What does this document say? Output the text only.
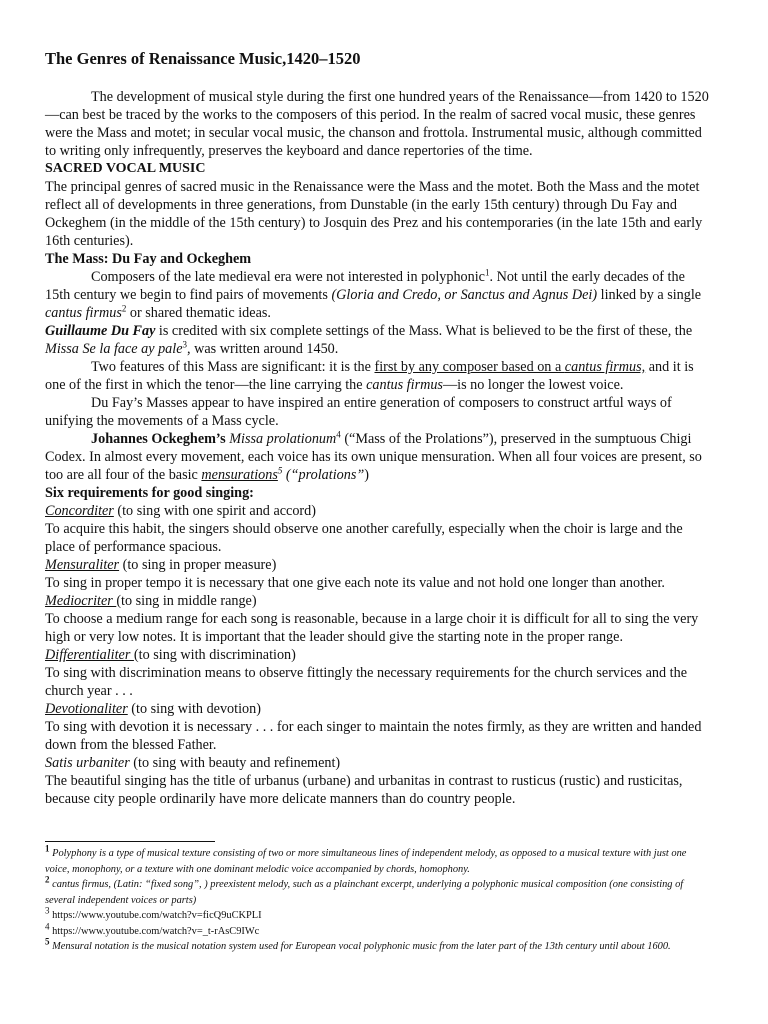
The Genres of Renaissance Music,1420–1520

The development of musical style during the first one hundred years of the Renaissance—from 1420 to 1520—can best be traced by the works to the composers of this period. In the realm of sacred vocal music, these genres were the Mass and motet; in secular vocal music, the chanson and frottola. Instrumental music, although committed to writing only infrequently, preserves the keyboard and dance repertories of the time.

SACRED VOCAL MUSIC

The principal genres of sacred music in the Renaissance were the Mass and the motet. Both the Mass and the motet reflect all of developments in three generations, from Dunstable (in the early 15th century) through Du Fay and Ockeghem (in the middle of the 15th century) to Josquin des Prez and his contemporaries (in the late 15th and early 16th centuries).

The Mass: Du Fay and Ockeghem

Composers of the late medieval era were not interested in polyphonic$^1$. Not until the early decades of the 15th century we begin to find pairs of movements (Gloria and Credo, or Sanctus and Agnus Dei) linked by a single cantus firmus$^2$ or shared thematic ideas.

Guillaume Du Fay is credited with six complete settings of the Mass. What is believed to be the first of these, the Missa Se la face ay pale$^3$, was written around 1450.

Two features of this Mass are significant: it is the first by any composer based on a cantus firmus, and it is one of the first in which the tenor—the line carrying the cantus firmus—is no longer the lowest voice.

Du Fay’s Masses appear to have inspired an entire generation of composers to construct artful ways of unifying the movements of a Mass cycle.

Johannes Ockeghem’s Missa prolationum$^4$ (“Mass of the Prolations”), preserved in the sumptuous Chigi Codex. In almost every movement, each voice has its own unique mensuration. When all four voices are present, so too are all four of the basic mensurations$^5$ (“prolations”)

Six requirements for good singing:

Concorditer (to sing with one spirit and accord)

To acquire this habit, the singers should observe one another carefully, especially when the choir is large and the place of performance spacious.

Mensuraliter (to sing in proper measure)

To sing in proper tempo it is necessary that one give each note its value and not hold one longer than another.

Mediocriter (to sing in middle range)

To choose a medium range for each song is reasonable, because in a large choir it is difficult for all to sing the very high or very low notes. It is important that the leader should give the starting note in the proper range.

Differentialiter (to sing with discrimination)

To sing with discrimination means to observe fittingly the necessary requirements for the church services and the church year . . .

Devotionaliter (to sing with devotion)

To sing with devotion it is necessary . . . for each singer to maintain the notes firmly, as they are written and handed down from the blessed Father.

Satis urbaniter (to sing with beauty and refinement)

The beautiful singing has the title of urbanus (urbane) and urbanitas in contrast to rusticus (rustic) and rusticitas, because city people ordinarily have more delicate manners than do country people.

1 Polyphony is a type of musical texture consisting of two or more simultaneous lines of independent melody, as opposed to a musical texture with just one voice, monophony, or a texture with one dominant melodic voice accompanied by chords, homophony.

2 cantus firmus, (Latin: “fixed song”, ) preexistent melody, such as a plainchant excerpt, underlying a polyphonic musical composition (one consisting of several independent voices or parts)

3 https://www.youtube.com/watch?v=ficQ9uCKPLI

4 https://www.youtube.com/watch?v=_t-rAsC9IWc

5 Mensural notation is the musical notation system used for European vocal polyphonic music from the later part of the 13th century until about 1600.
